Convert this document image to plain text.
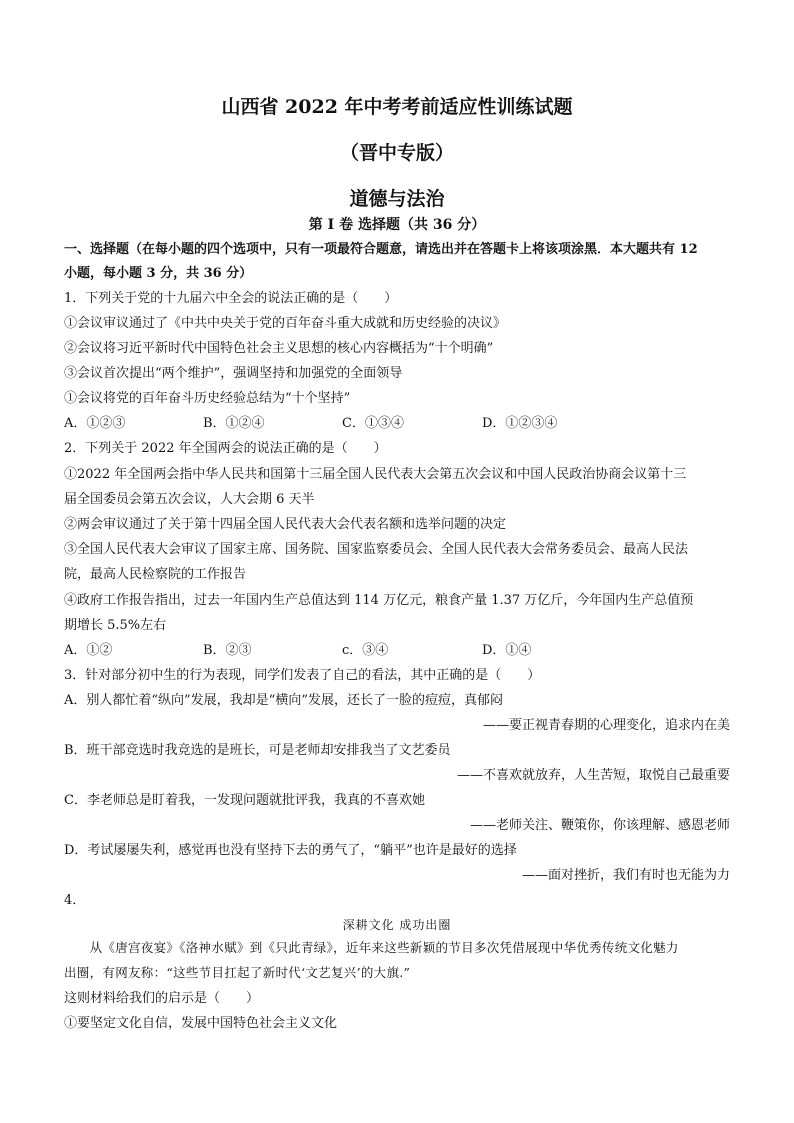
山西省 2022 年中考考前适应性训练试题
（晋中专版）
道德与法治
第 Ⅰ 卷 选择题（共 36 分）
一、选择题（在每小题的四个选项中，只有一项最符合题意，请选出并在答题卡上将该项涂黑．本大题共有 12
小题，每小题 3 分，共 36 分）
1．下列关于党的十九届六中全会的说法正确的是（　　）
①会议审议通过了《中共中央关于党的百年奋斗重大成就和历史经验的决议》
②会议将习近平新时代中国特色社会主义思想的核心内容概括为“十个明确”
③会议首次提出“两个维护”，强调坚持和加强党的全面领导
①会议将党的百年奋斗历史经验总结为“十个坚持”
A．①②③	B．①②④	C．①③④	D．①②③④
2．下列关于 2022 年全国两会的说法正确的是（　　）
①2022 年全国两会指中华人民共和国第十三届全国人民代表大会第五次会议和中国人民政治协商会议第十三
届全国委员会第五次会议，人大会期 6 天半
②两会审议通过了关于第十四届全国人民代表大会代表名额和选举问题的决定
③全国人民代表大会审议了国家主席、国务院、国家监察委员会、全国人民代表大会常务委员会、最高人民法
院，最高人民检察院的工作报告
④政府工作报告指出，过去一年国内生产总值达到 114 万亿元，粮食产量 1.37 万亿斤，今年国内生产总值预
期增长 5.5%左右
A．①②	B．②③	c．③④	D．①④
3．针对部分初中生的行为表现，同学们发表了自己的看法，其中正确的是（　　）
A．别人都忙着“纵向”发展，我却是“横向”发展，还长了一脸的痘痘，真郁闷
——要正视青春期的心理变化，追求内在美
B．班干部竞选时我竞选的是班长，可是老师却安排我当了文艺委员
——不喜欢就放弃，人生苦短，取悦自己最重要
C．李老师总是盯着我，一发现问题就批评我，我真的不喜欢她
——老师关注、鞭策你，你该理解、感恩老师
D．考试屡屡失利，感觉再也没有坚持下去的勇气了，“躺平”也许是最好的选择
——面对挫折，我们有时也无能为力
4．
深耕文化 成功出圈
　　从《唐宫夜宴》《洛神水赋》到《只此青绿》，近年来这些新颖的节目多次凭借展现中华优秀传统文化魅力
出圈，有网友称：“这些节目扛起了新时代‘文艺复兴’的大旗.”
这则材料给我们的启示是（　　）
①要坚定文化自信，发展中国特色社会主义文化
